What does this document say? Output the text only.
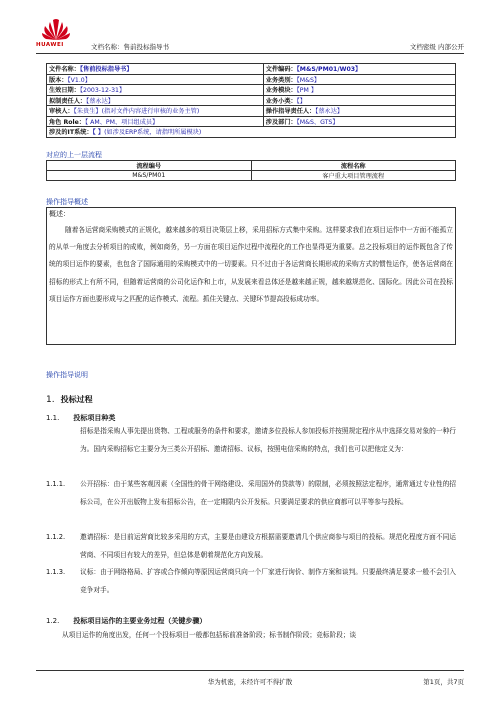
HUAWEI	文档名称：售前投标指导书	文档密级 内部公开
文件名称：【售前投标指导书】	文件编码：【M&S/PM01/W03】
版本：【V1.0】	业务类别：【M&S】
生效日期：【2003-12-31】	业务模块：【PM 】
拟制责任人：【蔡永达】	业务小类：【】
审核人：【朱贵生】(指对文件内容进行审核的业务主管)	操作指导责任人：【蔡永达】
角色 Role：【 AM、PM、项目组成员】	涉及部门：【M&S、GTS】
涉及的IT系统：【 】(如涉及ERP系统，请指明所属模块)	
对应的上一层流程
流程编号	流程名称
M&S/PM01	客户重大项目管理流程
操作指导概述
概述：
随着各运营商采购模式的正规化，越来越多的项目决策层上移，采用招标方式集中采购。这样要求我们在项目运作中一方面不能孤立的从单一角度去分析项目的成败，例如商务，另一方面在项目运作过程中流程化的工作也显得更为重要。总之投标项目的运作既包含了传统的项目运作的要素，也包含了国际通用的采购模式中的一切要素。只不过由于各运营商长期形成的采购方式的惯性运作，使各运营商在招标的形式上有所不同，但随着运营商的公司化运作和上市，从发展来看总体还是越来越正规，越来越规范化、国际化。因此公司在投标项目运作方面也要形成与之匹配的运作模式、流程。抓住关键点、关键环节提高投标成功率。
操作指导说明
1. 投标过程
1.1. 投标项目种类
招标是指采购人事先提出货物、工程或服务的条件和要求，邀请多位投标人参加投标并按照规定程序从中选择交易对象的一种行为。国内采购招标它主要分为三类公开招标、邀请招标、议标，按照电信采购的特点，我们也可以把他定义为：
1.1.1. 公开招标：由于某些客观因素（全国性的骨干网络建设、采用国外的贷款等）的限制，必须按照法定程序，通常通过专业性的招标公司，在公开出版物上发布招标公告，在一定期限内公开发标。只要满足要求的供应商都可以平等参与投标。
1.1.2. 邀请招标：是目前运营商比较多采用的方式，主要是由建设方根据需要邀请几个供应商参与项目的投标。规范化程度方面不同运营商、不同项目有较大的差异，但总体是朝着规范化方向发展。
1.1.3. 议标：由于网络格局、扩容或合作倾向等原因运营商只向一个厂家进行询价、制作方案和谈判。只要最终满足要求一般不会引入竞争对手。
1.2. 投标项目运作的主要业务过程（关键步骤）
从项目运作的角度出发，任何一个投标项目一般都包括标前准备阶段；标书制作阶段；竞标阶段；谈
华为机密，未经许可不得扩散	第1页，共7页
